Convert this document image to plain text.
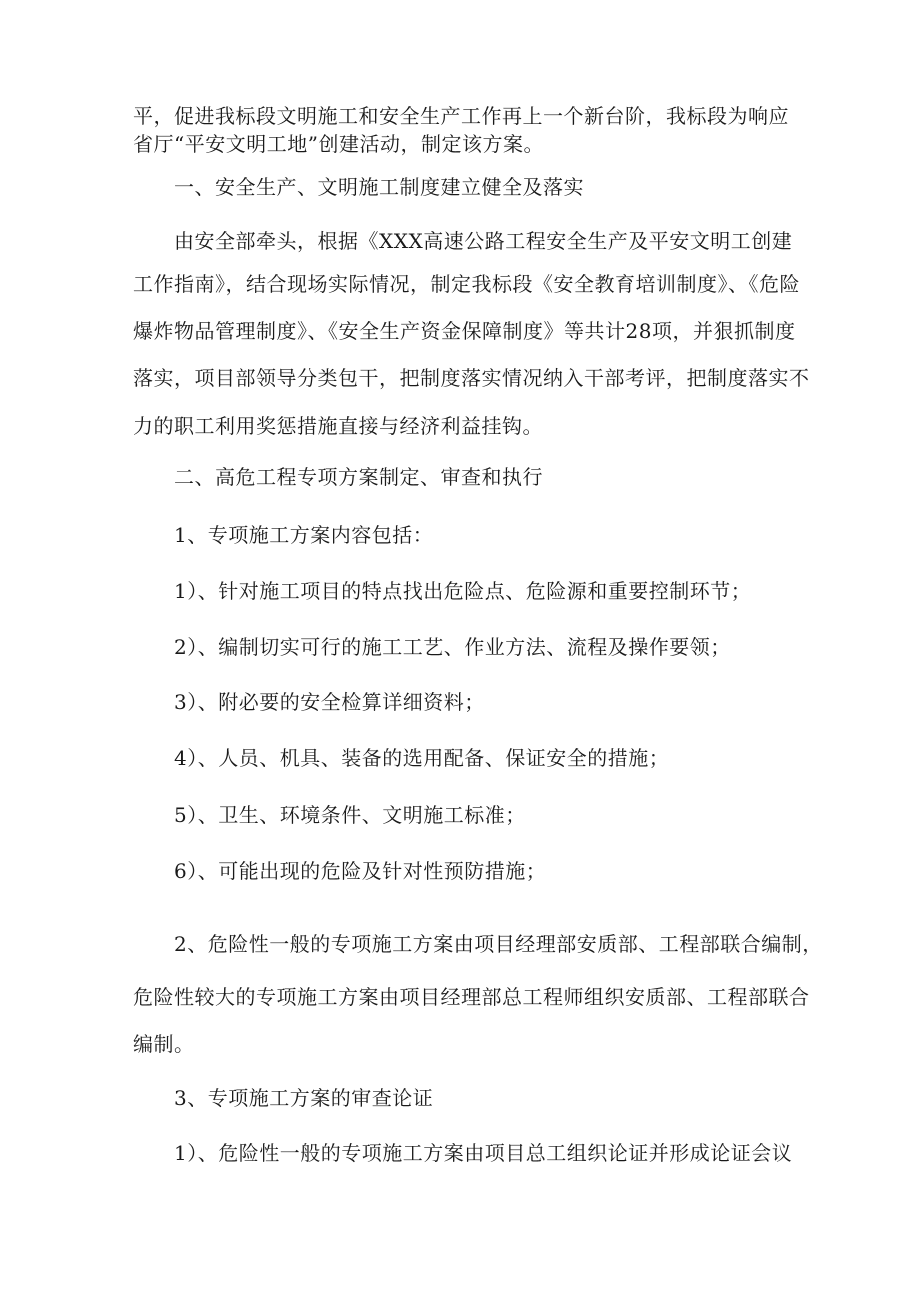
平，促进我标段文明施工和安全生产工作再上一个新台阶，我标段为响应
省厅“平安文明工地”创建活动，制定该方案。
一、安全生产、文明施工制度建立健全及落实
由安全部牵头，根据《XXX高速公路工程安全生产及平安文明工创建
工作指南》，结合现场实际情况，制定我标段《安全教育培训制度》、《危险
爆炸物品管理制度》、《安全生产资金保障制度》等共计28项，并狠抓制度
落实，项目部领导分类包干，把制度落实情况纳入干部考评，把制度落实不
力的职工利用奖惩措施直接与经济利益挂钩。
二、高危工程专项方案制定、审查和执行
1、专项施工方案内容包括：
1）、针对施工项目的特点找出危险点、危险源和重要控制环节；
2）、编制切实可行的施工工艺、作业方法、流程及操作要领；
3）、附必要的安全检算详细资料；
4）、人员、机具、装备的选用配备、保证安全的措施；
5）、卫生、环境条件、文明施工标准；
6）、可能出现的危险及针对性预防措施；
2、危险性一般的专项施工方案由项目经理部安质部、工程部联合编制，
危险性较大的专项施工方案由项目经理部总工程师组织安质部、工程部联合
编制。
3、专项施工方案的审查论证
1）、危险性一般的专项施工方案由项目总工组织论证并形成论证会议
